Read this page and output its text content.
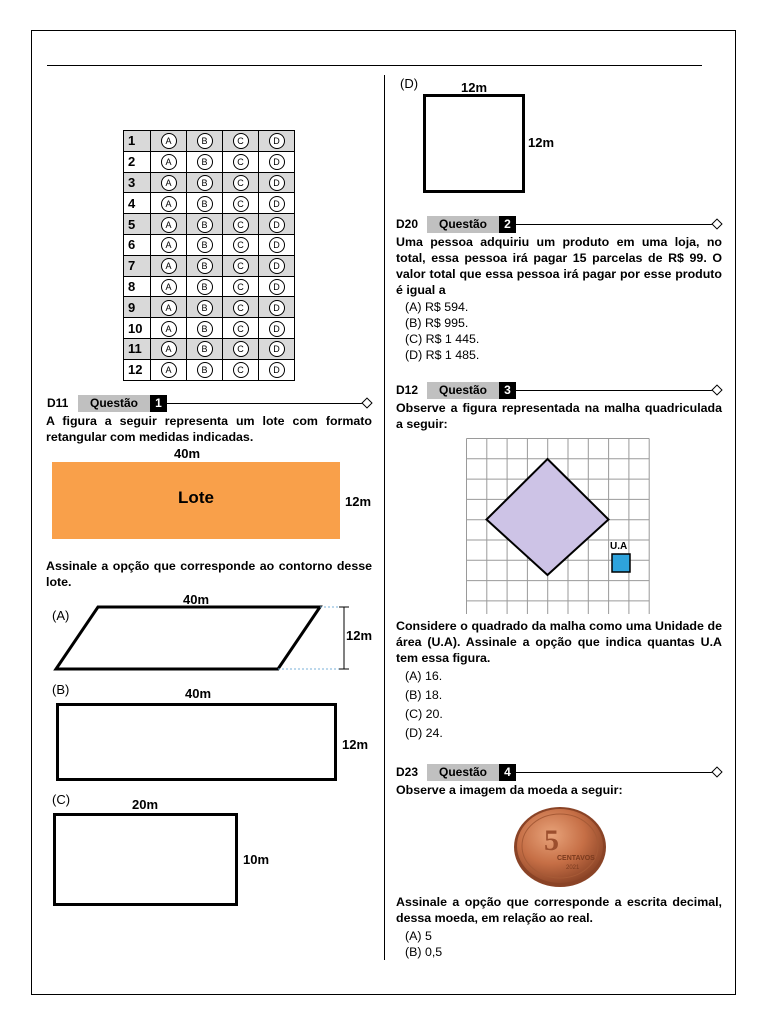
1	A	B	C	D
2	A	B	C	D
3	A	B	C	D
4	A	B	C	D
5	A	B	C	D
6	A	B	C	D
7	A	B	C	D
8	A	B	C	D
9	A	B	C	D
10	A	B	C	D
11	A	B	C	D
12	A	B	C	D
D11	Questão	1
A figura a seguir representa um lote com formato retangular com medidas indicadas.
40m
Lote	12m
Assinale a opção que corresponde ao contorno desse lote.
(A)
40m
12m
(B)	40m
12m
(C)	20m
10m
(D)	12m
12m
D20	Questão	2
Uma pessoa adquiriu um produto em uma loja, no total, essa pessoa irá pagar 15 parcelas de R$ 99. O valor total que essa pessoa irá pagar por esse produto é igual a
(A) R$ 594.
(B) R$ 995.
(C) R$ 1 445.
(D) R$ 1 485.
D12	Questão	3
Observe a figura representada na malha quadriculada a seguir:
U.A
Considere o quadrado da malha como uma Unidade de área (U.A). Assinale a opção que indica quantas U.A tem essa figura.
(A) 16.
(B) 18.
(C) 20.
(D) 24.
D23	Questão	4
Observe a imagem da moeda a seguir:
5
CENTAVOS
2021
Assinale a opção que corresponde a escrita decimal, dessa moeda, em relação ao real.
(A) 5
(B) 0,5
